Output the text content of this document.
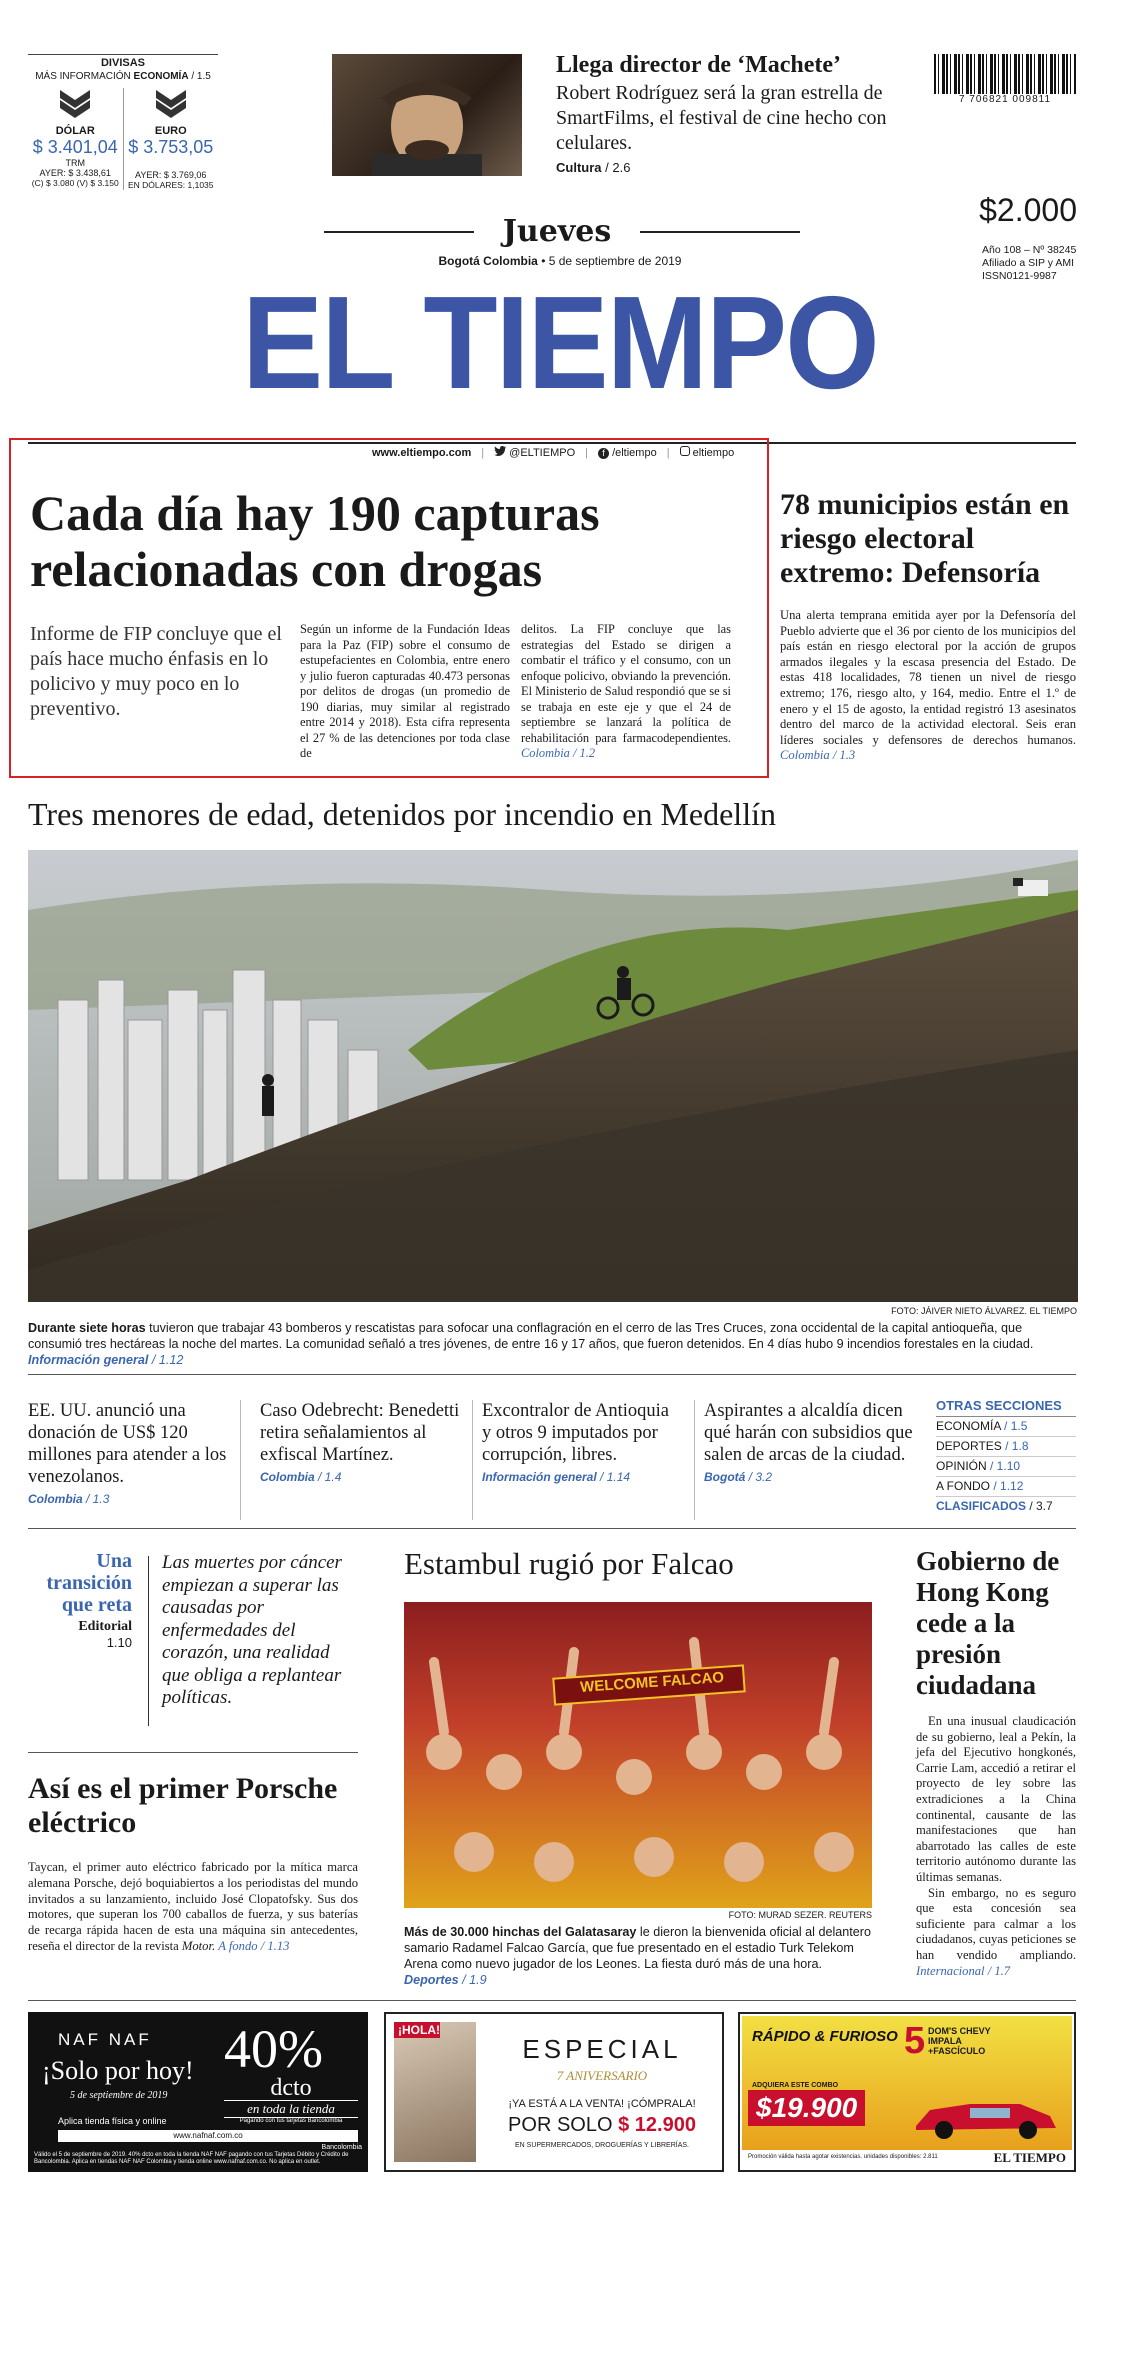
DIVISAS
MÁS INFORMACIÓN ECONOMÍA / 1.5
DÓLAR
$ 3.401,04
TRM
AYER: $ 3.438,61
(C) $ 3.080 (V) $ 3.150
EURO
$ 3.753,05
AYER: $ 3.769,06
EN DÓLARES: 1,1035
Llega director de ‘Machete’
Robert Rodríguez será la gran estrella de SmartFilms, el festival de cine hecho con celulares.
Cultura / 2.6
7 706821 009811
$2.000
Año 108 – Nº 38245
Afiliado a SIP y AMI
ISSN0121-9987
Jueves
Bogotá Colombia • 5 de septiembre de 2019
EL TIEMPO
www.eltiempo.com |	@ELTIEMPO |	f /eltiempo |	eltiempo
Cada día hay 190 capturas relacionadas con drogas
Informe de FIP concluye que el país hace mucho énfasis en lo policivo y muy poco en lo preventivo.
Según un informe de la Fundación Ideas para la Paz (FIP) sobre el consumo de estupefacientes en Colombia, entre enero y julio fueron capturadas 40.473 personas por delitos de drogas (un promedio de 190 diarias, muy similar al registrado entre 2014 y 2018). Esta cifra representa el 27 % de las detenciones por toda clase de
delitos. La FIP concluye que las estrategias del Estado se dirigen a combatir el tráfico y el consumo, con un enfoque policivo, obviando la prevención. El Ministerio de Salud respondió que se si se trabaja en este eje y que el 24 de septiembre se lanzará la política de rehabilitación para farmacodependientes. Colombia / 1.2
78 municipios están en riesgo electoral extremo: Defensoría
Una alerta temprana emitida ayer por la Defensoría del Pueblo advierte que el 36 por ciento de los municipios del país están en riesgo electoral por la acción de grupos armados ilegales y la escasa presencia del Estado. De estas 418 localidades, 78 tienen un nivel de riesgo extremo; 176, riesgo alto, y 164, medio. Entre el 1.º de enero y el 15 de agosto, la entidad registró 13 asesinatos dentro del marco de la actividad electoral. Seis eran líderes sociales y defensores de derechos humanos. Colombia / 1.3
Tres menores de edad, detenidos por incendio en Medellín
FOTO: JÁIVER NIETO ÁLVAREZ. EL TIEMPO
Durante siete horas tuvieron que trabajar 43 bomberos y rescatistas para sofocar una conflagración en el cerro de las Tres Cruces, zona occidental de la capital antioqueña, que consumió tres hectáreas la noche del martes. La comunidad señaló a tres jóvenes, de entre 16 y 17 años, que fueron detenidos. En 4 días hubo 9 incendios forestales en la ciudad. Información general / 1.12
EE. UU. anunció una donación de US$ 120 millones para atender a los venezolanos.
Colombia / 1.3
Caso Odebrecht: Benedetti retira señalamientos al exfiscal Martínez.
Colombia / 1.4
Excontralor de Antioquia y otros 9 imputados por corrupción, libres.
Información general / 1.14
Aspirantes a alcaldía dicen qué harán con subsidios que salen de arcas de la ciudad.
Bogotá / 3.2
OTRAS SECCIONES
ECONOMÍA / 1.5
DEPORTES / 1.8
OPINIÓN / 1.10
A FONDO / 1.12
CLASIFICADOS / 3.7
Una transición que reta
Editorial
1.10
Las muertes por cáncer empiezan a superar las causadas por enfermedades del corazón, una realidad que obliga a replantear políticas.
Así es el primer Porsche eléctrico
Taycan, el primer auto eléctrico fabricado por la mítica marca alemana Porsche, dejó boquiabiertos a los periodistas del mundo invitados a su lanzamiento, incluido José Clopatofsky. Sus dos motores, que superan los 700 caballos de fuerza, y sus baterías de recarga rápida hacen de esta una máquina sin antecedentes, reseña el director de la revista Motor. A fondo / 1.13
Estambul rugió por Falcao
WELCOME FALCAO
FOTO: MURAD SEZER. REUTERS
Más de 30.000 hinchas del Galatasaray le dieron la bienvenida oficial al delantero samario Radamel Falcao García, que fue presentado en el estadio Turk Telekom Arena como nuevo jugador de los Leones. La fiesta duró más de una hora. Deportes / 1.9
Gobierno de Hong Kong cede a la presión ciudadana

En una inusual claudicación de su gobierno, leal a Pekín, la jefa del Ejecutivo hongkonés, Carrie Lam, accedió a retirar el proyecto de ley sobre las extradiciones a la China continental, causante de las manifestaciones que han abarrotado las calles de este territorio autónomo durante las últimas semanas.

Sin embargo, no es seguro que esta concesión sea suficiente para calmar a los ciudadanos, cuyas peticiones se han vendido ampliando. Internacional / 1.7

NAF NAF
¡Solo por hoy!
5 de septiembre de 2019
Aplica tienda física y online
40%
dcto
en toda la tienda
Pagando con tus tarjetas Bancolombia
www.nafnaf.com.co
Bancolombia
Válido el 5 de septiembre de 2019. 40% dcto en toda la tienda NAF NAF pagando con tus Tarjetas Débito y Crédito de Bancolombia. Aplica en tiendas NAF NAF Colombia y tienda online www.nafnaf.com.co. No aplica en outlet.
¡HOLA!
ESPECIAL
7 ANIVERSARIO
¡YA ESTÁ A LA VENTA! ¡CÓMPRALA!
POR SOLO $ 12.900
EN SUPERMERCADOS, DROGUERÍAS Y LIBRERÍAS.
RÁPIDO & FURIOSO 5 DOM'S CHEVY IMPALA +FASCÍCULO
ADQUIERA ESTE COMBO
$19.900
Promoción válida hasta agotar existencias. unidades disponibles: 2.811	EL TIEMPO
